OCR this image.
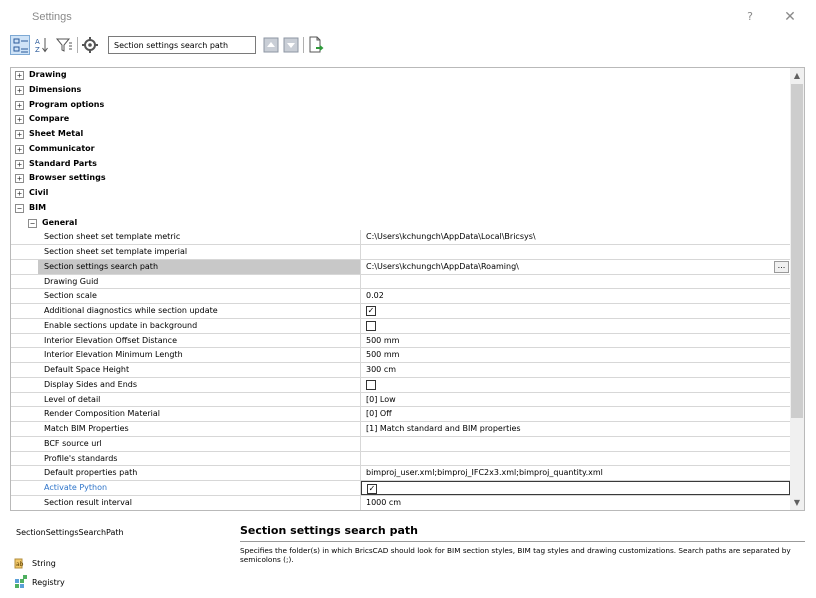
Settings	?	✕
A
Z
Section settings search path
+ Drawing
+ Dimensions
+ Program options
+ Compare
+ Sheet Metal
+ Communicator
+ Standard Parts
+ Browser settings
+ Civil
− BIM
− General
Section sheet set template metric	C:\Users\kchungch\AppData\Local\Bricsys\
Section sheet set template imperial
Section settings search path	C:\Users\kchungch\AppData\Roaming\	...
Drawing Guid
Section scale	0.02
Additional diagnostics while section update	✓
Enable sections update in background
Interior Elevation Offset Distance	500 mm
Interior Elevation Minimum Length	500 mm
Default Space Height	300 cm
Display Sides and Ends
Level of detail	[0] Low
Render Composition Material	[0] Off
Match BIM Properties	[1] Match standard and BIM properties
BCF source url
Profile's standards
Default properties path	bimproj_user.xml;bimproj_IFC2x3.xml;bimproj_quantity.xml
Activate Python	✓
Section result interval	1000 cm
▲
▼
SectionSettingsSearchPath	Section settings search path
Specifies the folder(s) in which BricsCAD should look for BIM section styles, BIM tag styles and drawing customizations. Search paths are separated by semicolons (;).
ab String
Registry
